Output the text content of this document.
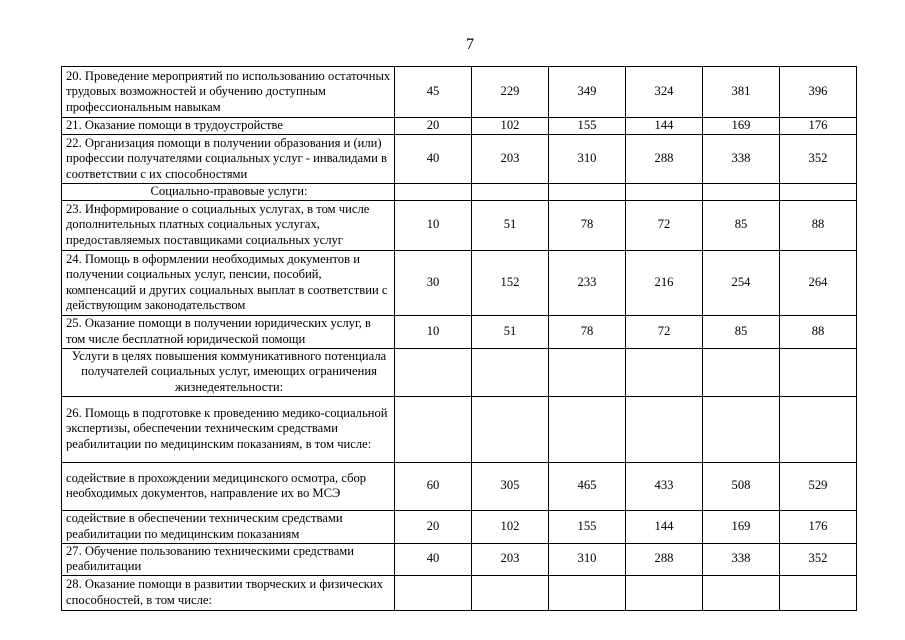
7
20. Проведение мероприятий по использованию остаточных трудовых возможностей и обучению доступным профессиональным навыкам	45	229	349	324	381	396
21. Оказание помощи в трудоустройстве	20	102	155	144	169	176
22. Организация помощи в получении образования и (или) профессии получателями социальных услуг - инвалидами в соответствии с их способностями	40	203	310	288	338	352
Социально-правовые услуги:						
23. Информирование о социальных услугах, в том числе дополнительных платных социальных услугах, предоставляемых поставщиками социальных услуг	10	51	78	72	85	88
24. Помощь в оформлении необходимых документов и получении социальных услуг, пенсии, пособий, компенсаций и других социальных выплат в соответствии с действующим законодательством	30	152	233	216	254	264
25. Оказание помощи в получении юридических услуг, в том числе бесплатной юридической помощи	10	51	78	72	85	88
Услуги в целях повышения коммуникативного потенциала получателей социальных услуг, имеющих ограничения жизнедеятельности:						
26. Помощь в подготовке к проведению медико-социальной экспертизы, обеспечении техническим средствами реабилитации по медицинским показаниям, в том числе:						
содействие в прохождении медицинского осмотра, сбор необходимых документов, направление их во МСЭ	60	305	465	433	508	529
содействие в обеспечении техническим средствами реабилитации по медицинским показаниям	20	102	155	144	169	176
27. Обучение пользованию техническими средствами реабилитации	40	203	310	288	338	352
28. Оказание помощи в развитии творческих и физических способностей, в том числе:						
